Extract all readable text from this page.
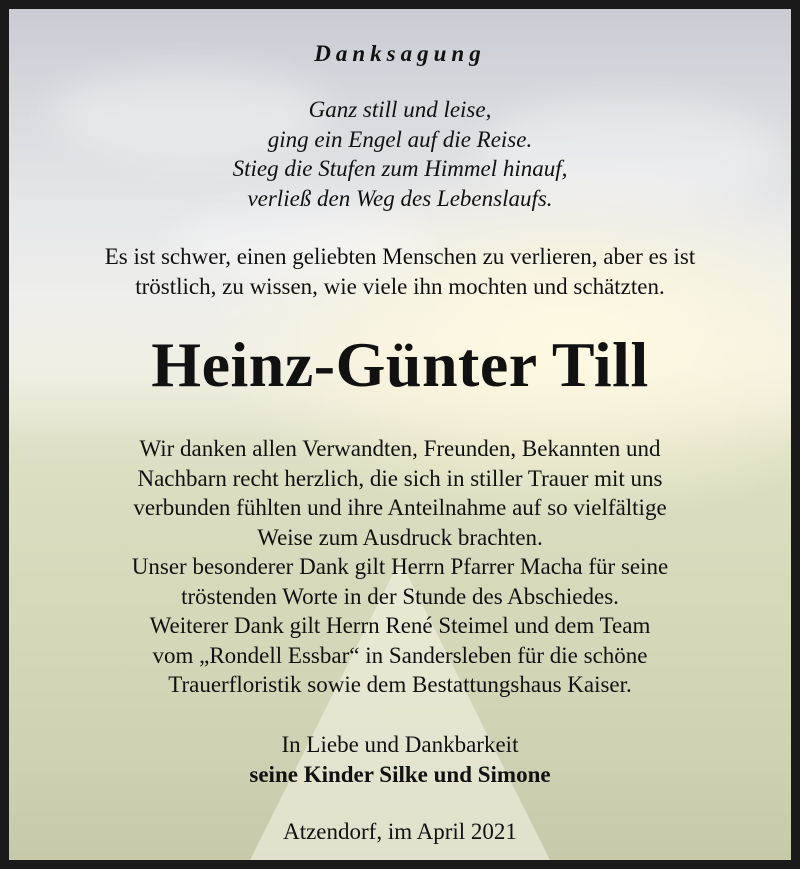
Danksagung
Ganz still und leise,
ging ein Engel auf die Reise.
Stieg die Stufen zum Himmel hinauf,
verließ den Weg des Lebenslaufs.
Es ist schwer, einen geliebten Menschen zu verlieren, aber es ist
tröstlich, zu wissen, wie viele ihn mochten und schätzten.
Heinz-Günter Till
Wir danken allen Verwandten, Freunden, Bekannten und
Nachbarn recht herzlich, die sich in stiller Trauer mit uns
verbunden fühlten und ihre Anteilnahme auf so vielfältige
Weise zum Ausdruck brachten.
Unser besonderer Dank gilt Herrn Pfarrer Macha für seine
tröstenden Worte in der Stunde des Abschiedes.
Weiterer Dank gilt Herrn René Steimel und dem Team
vom „Rondell Essbar“ in Sandersleben für die schöne
Trauerfloristik sowie dem Bestattungshaus Kaiser.
In Liebe und Dankbarkeit
seine Kinder Silke und Simone
Atzendorf, im April 2021
